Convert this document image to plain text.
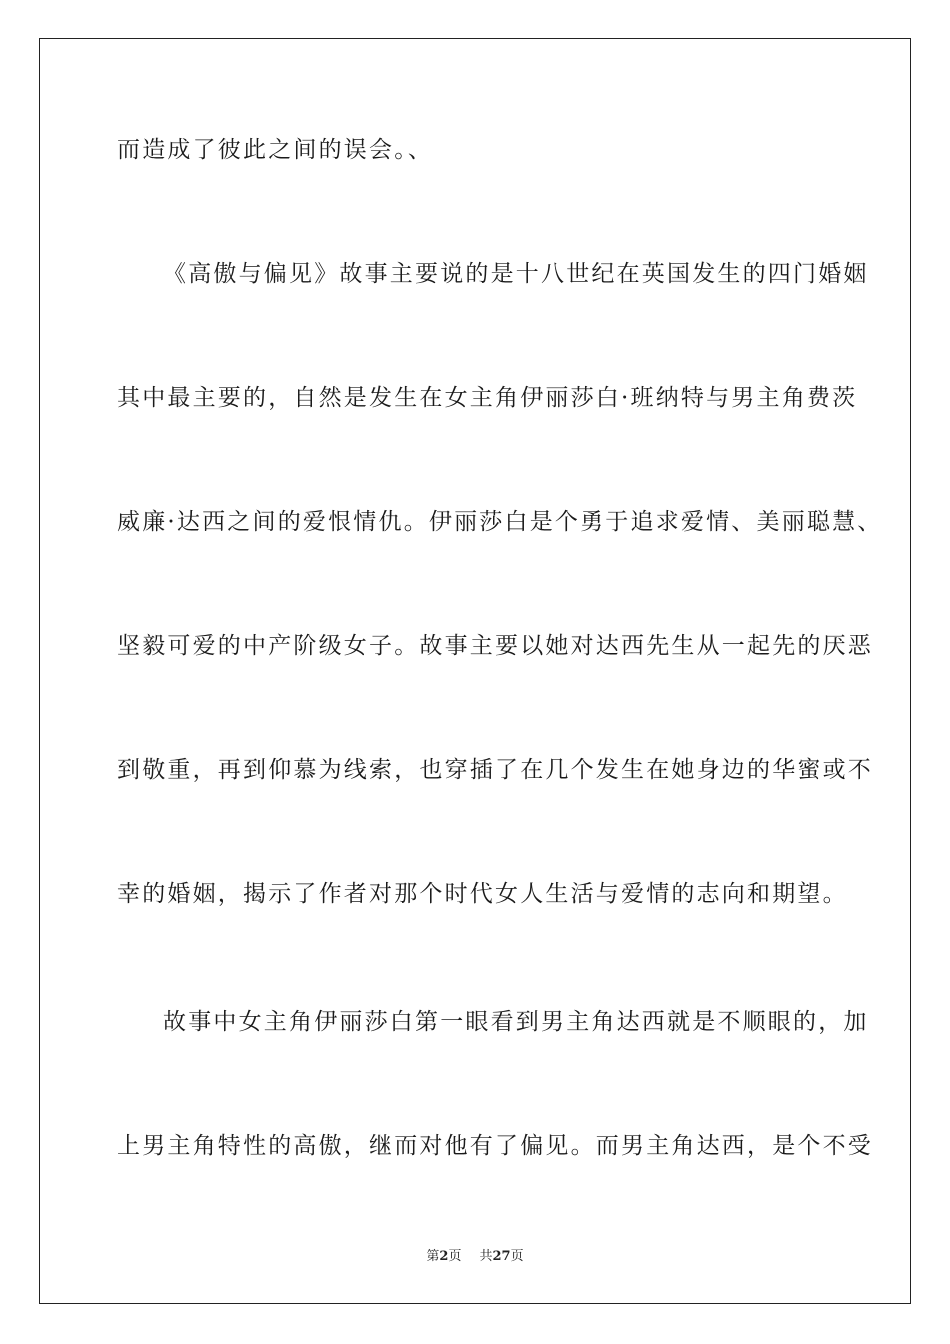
而造成了彼此之间的误会。、
《高傲与偏见》故事主要说的是十八世纪在英国发生的四门婚姻
其中最主要的，自然是发生在女主角伊丽莎白·班纳特与男主角费茨
威廉·达西之间的爱恨情仇。伊丽莎白是个勇于追求爱情、美丽聪慧、
坚毅可爱的中产阶级女子。故事主要以她对达西先生从一起先的厌恶
到敬重，再到仰慕为线索，也穿插了在几个发生在她身边的华蜜或不
幸的婚姻，揭示了作者对那个时代女人生活与爱情的志向和期望。
故事中女主角伊丽莎白第一眼看到男主角达西就是不顺眼的，加
上男主角特性的高傲，继而对他有了偏见。而男主角达西，是个不受
第2页 共27页
